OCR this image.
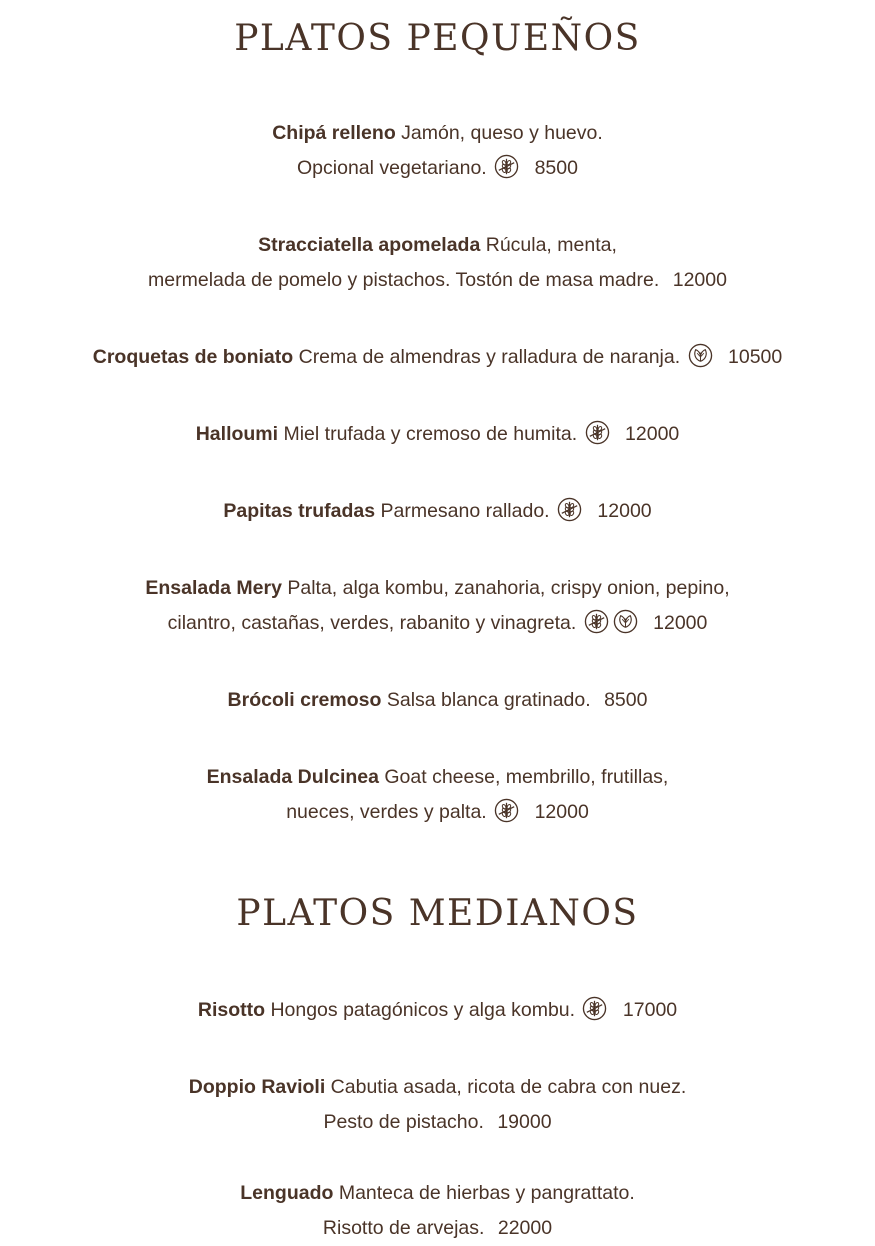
PLATOS PEQUEÑOS
Chipá relleno Jamón, queso y huevo.
Opcional vegetariano. 8500
Stracciatella apomelada Rúcula, menta,
mermelada de pomelo y pistachos. Tostón de masa madre. 12000
Croquetas de boniato Crema de almendras y ralladura de naranja. 10500
Halloumi Miel trufada y cremoso de humita. 12000
Papitas trufadas Parmesano rallado. 12000
Ensalada Mery Palta, alga kombu, zanahoria, crispy onion, pepino,
cilantro, castañas, verdes, rabanito y vinagreta.	12000
Brócoli cremoso Salsa blanca gratinado. 8500
Ensalada Dulcinea Goat cheese, membrillo, frutillas,
nueces, verdes y palta. 12000
PLATOS MEDIANOS
Risotto Hongos patagónicos y alga kombu. 17000
Doppio Ravioli Cabutia asada, ricota de cabra con nuez.
Pesto de pistacho. 19000
Lenguado Manteca de hierbas y pangrattato.
Risotto de arvejas. 22000
